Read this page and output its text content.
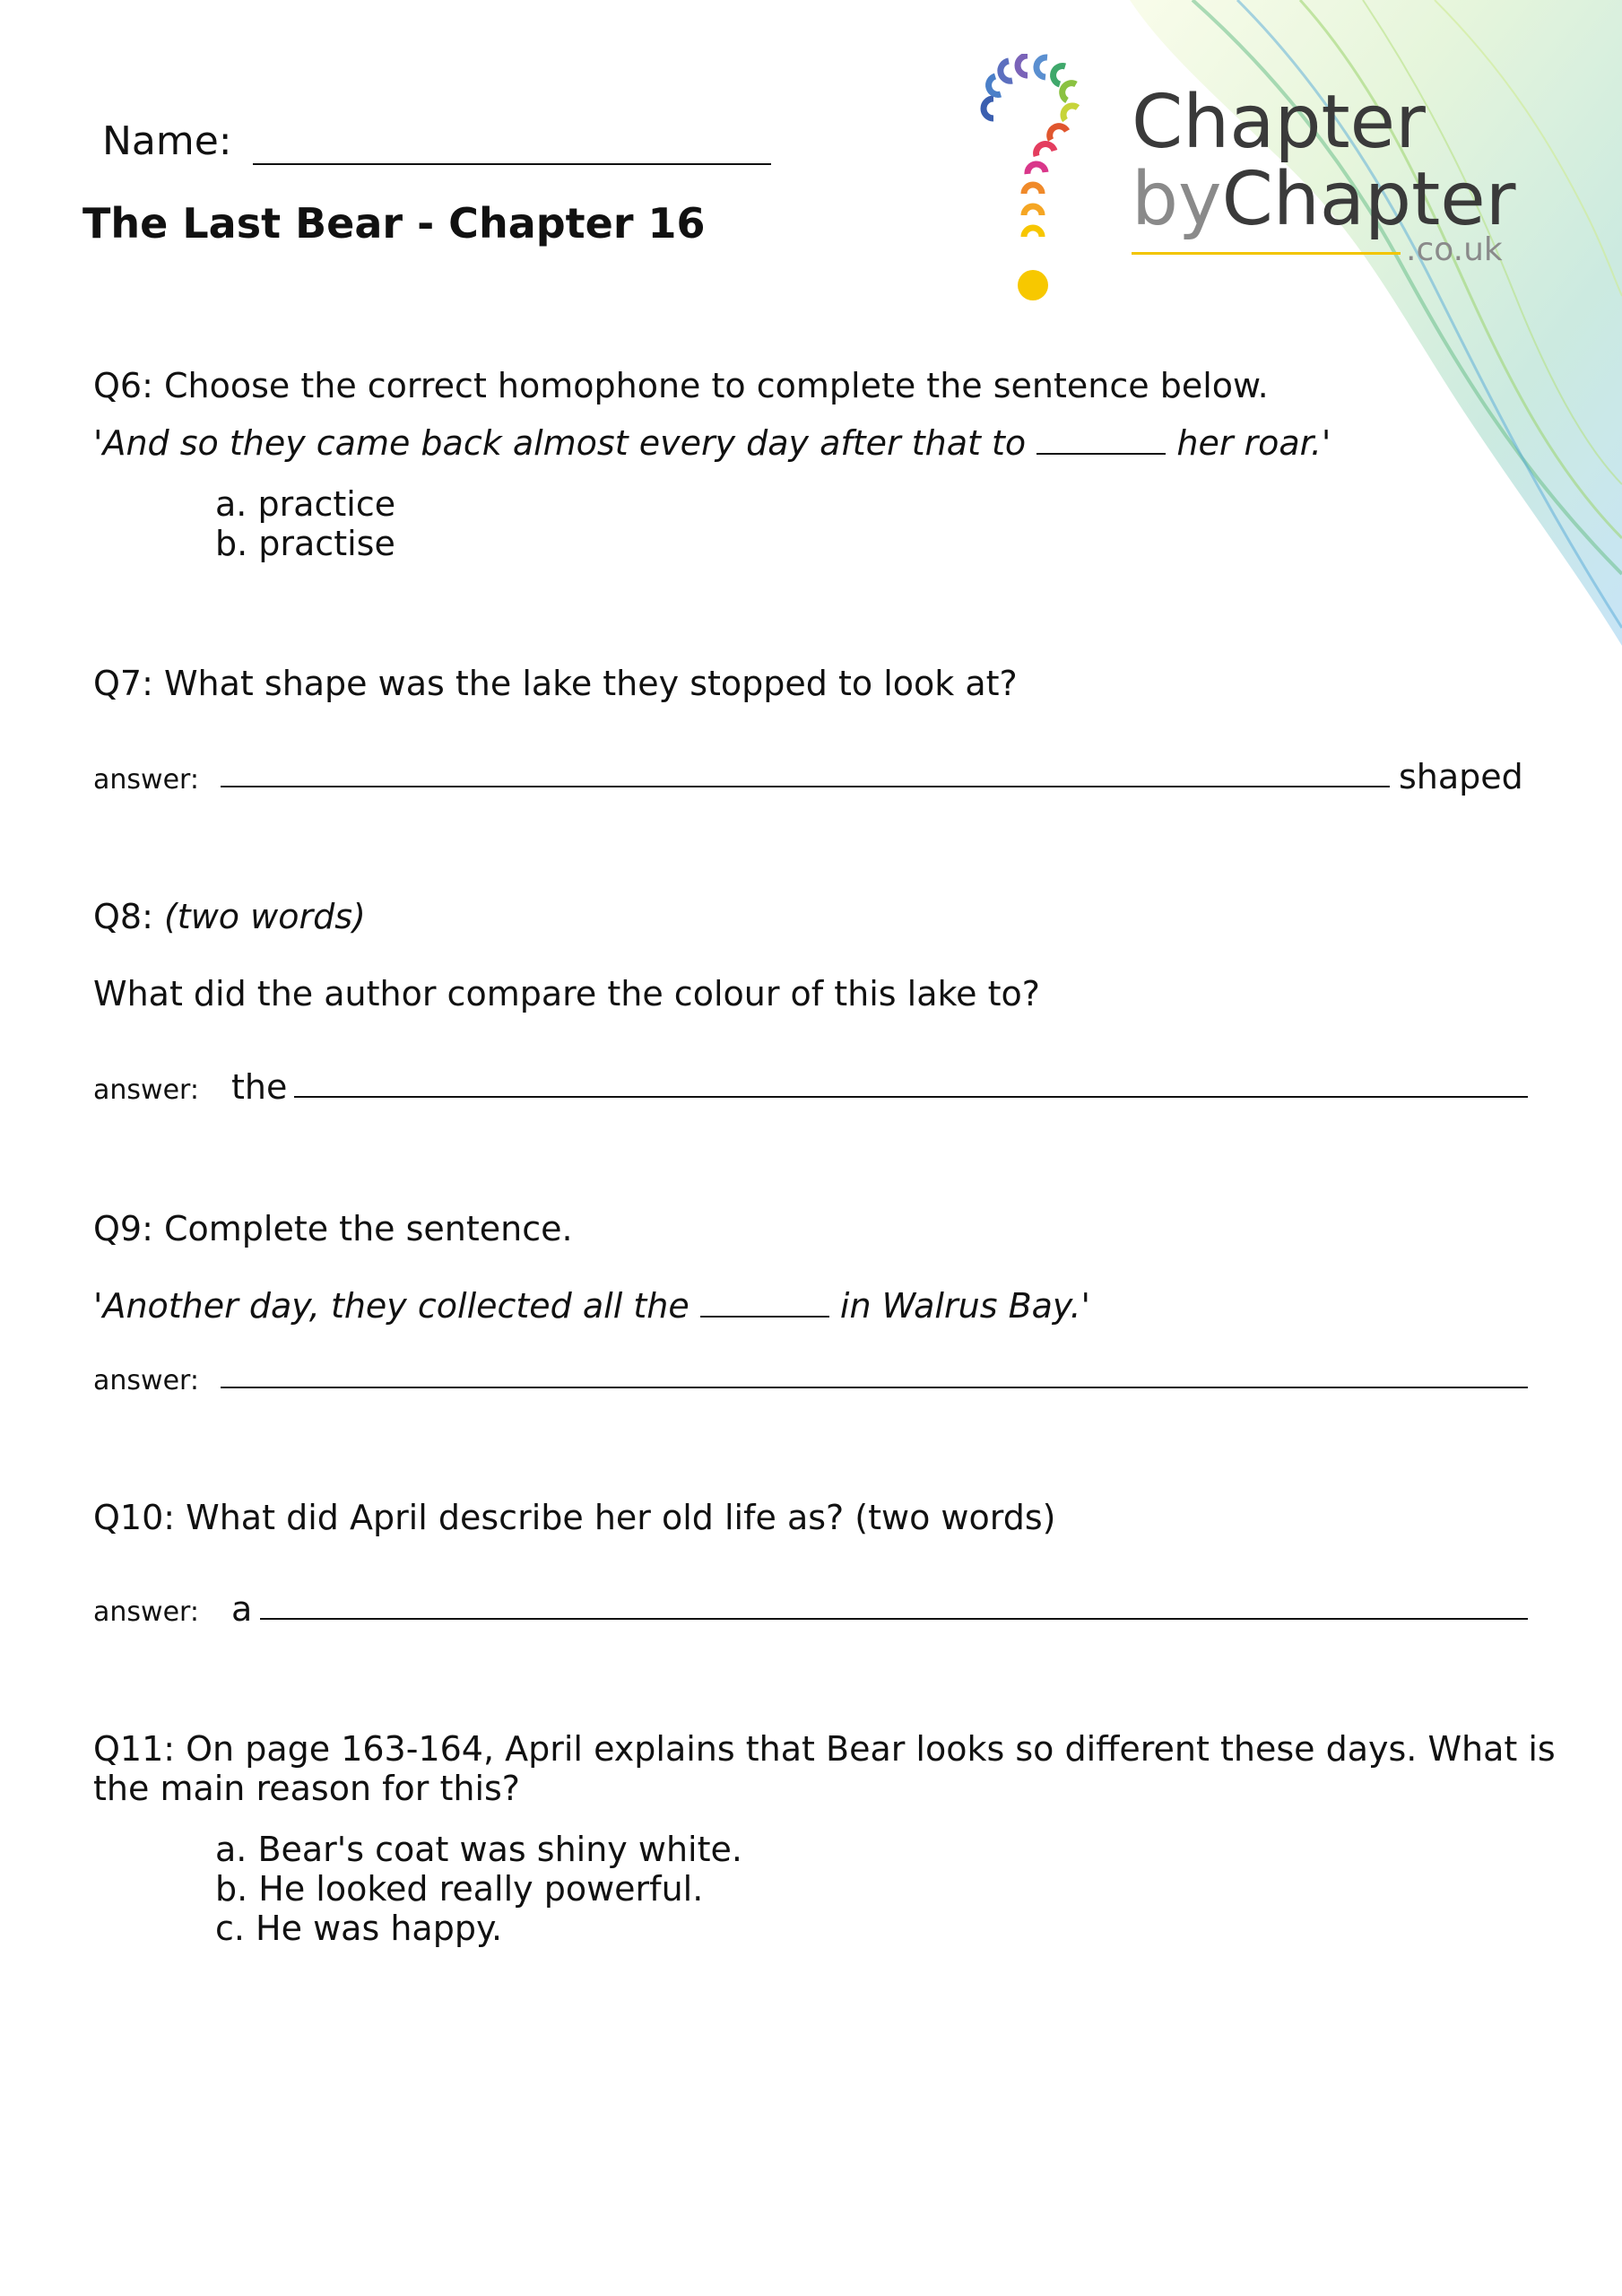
Name:
The Last Bear - Chapter 16
Chapter
byChapter
.co.uk
Q6: Choose the correct homophone to complete the sentence below.
'And so they came back almost every day after that to	her roar.'
a. practice
b. practise
Q7: What shape was the lake they stopped to look at?
answer:	shaped
Q8: (two words)
What did the author compare the colour of this lake to?
answer: the
Q9: Complete the sentence.
'Another day, they collected all the	in Walrus Bay.'
answer:
Q10: What did April describe her old life as? (two words)
answer: a
Q11: On page 163-164, April explains that Bear looks so different these days. What is
the main reason for this?
a. Bear's coat was shiny white.
b. He looked really powerful.
c. He was happy.
